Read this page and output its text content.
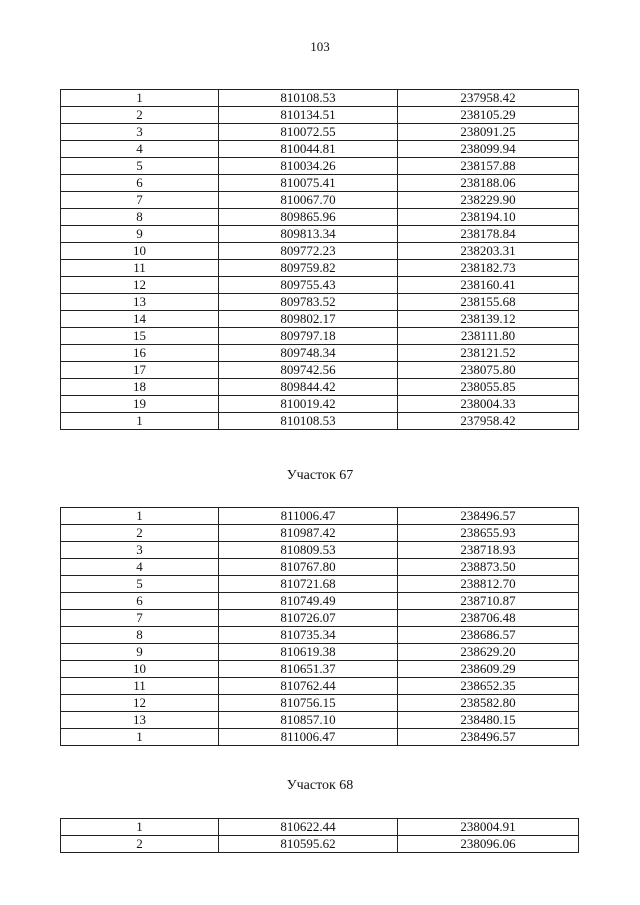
103
1	810108.53	237958.42
2	810134.51	238105.29
3	810072.55	238091.25
4	810044.81	238099.94
5	810034.26	238157.88
6	810075.41	238188.06
7	810067.70	238229.90
8	809865.96	238194.10
9	809813.34	238178.84
10	809772.23	238203.31
11	809759.82	238182.73
12	809755.43	238160.41
13	809783.52	238155.68
14	809802.17	238139.12
15	809797.18	238111.80
16	809748.34	238121.52
17	809742.56	238075.80
18	809844.42	238055.85
19	810019.42	238004.33
1	810108.53	237958.42
Участок 67
1	811006.47	238496.57
2	810987.42	238655.93
3	810809.53	238718.93
4	810767.80	238873.50
5	810721.68	238812.70
6	810749.49	238710.87
7	810726.07	238706.48
8	810735.34	238686.57
9	810619.38	238629.20
10	810651.37	238609.29
11	810762.44	238652.35
12	810756.15	238582.80
13	810857.10	238480.15
1	811006.47	238496.57
Участок 68
1	810622.44	238004.91
2	810595.62	238096.06
